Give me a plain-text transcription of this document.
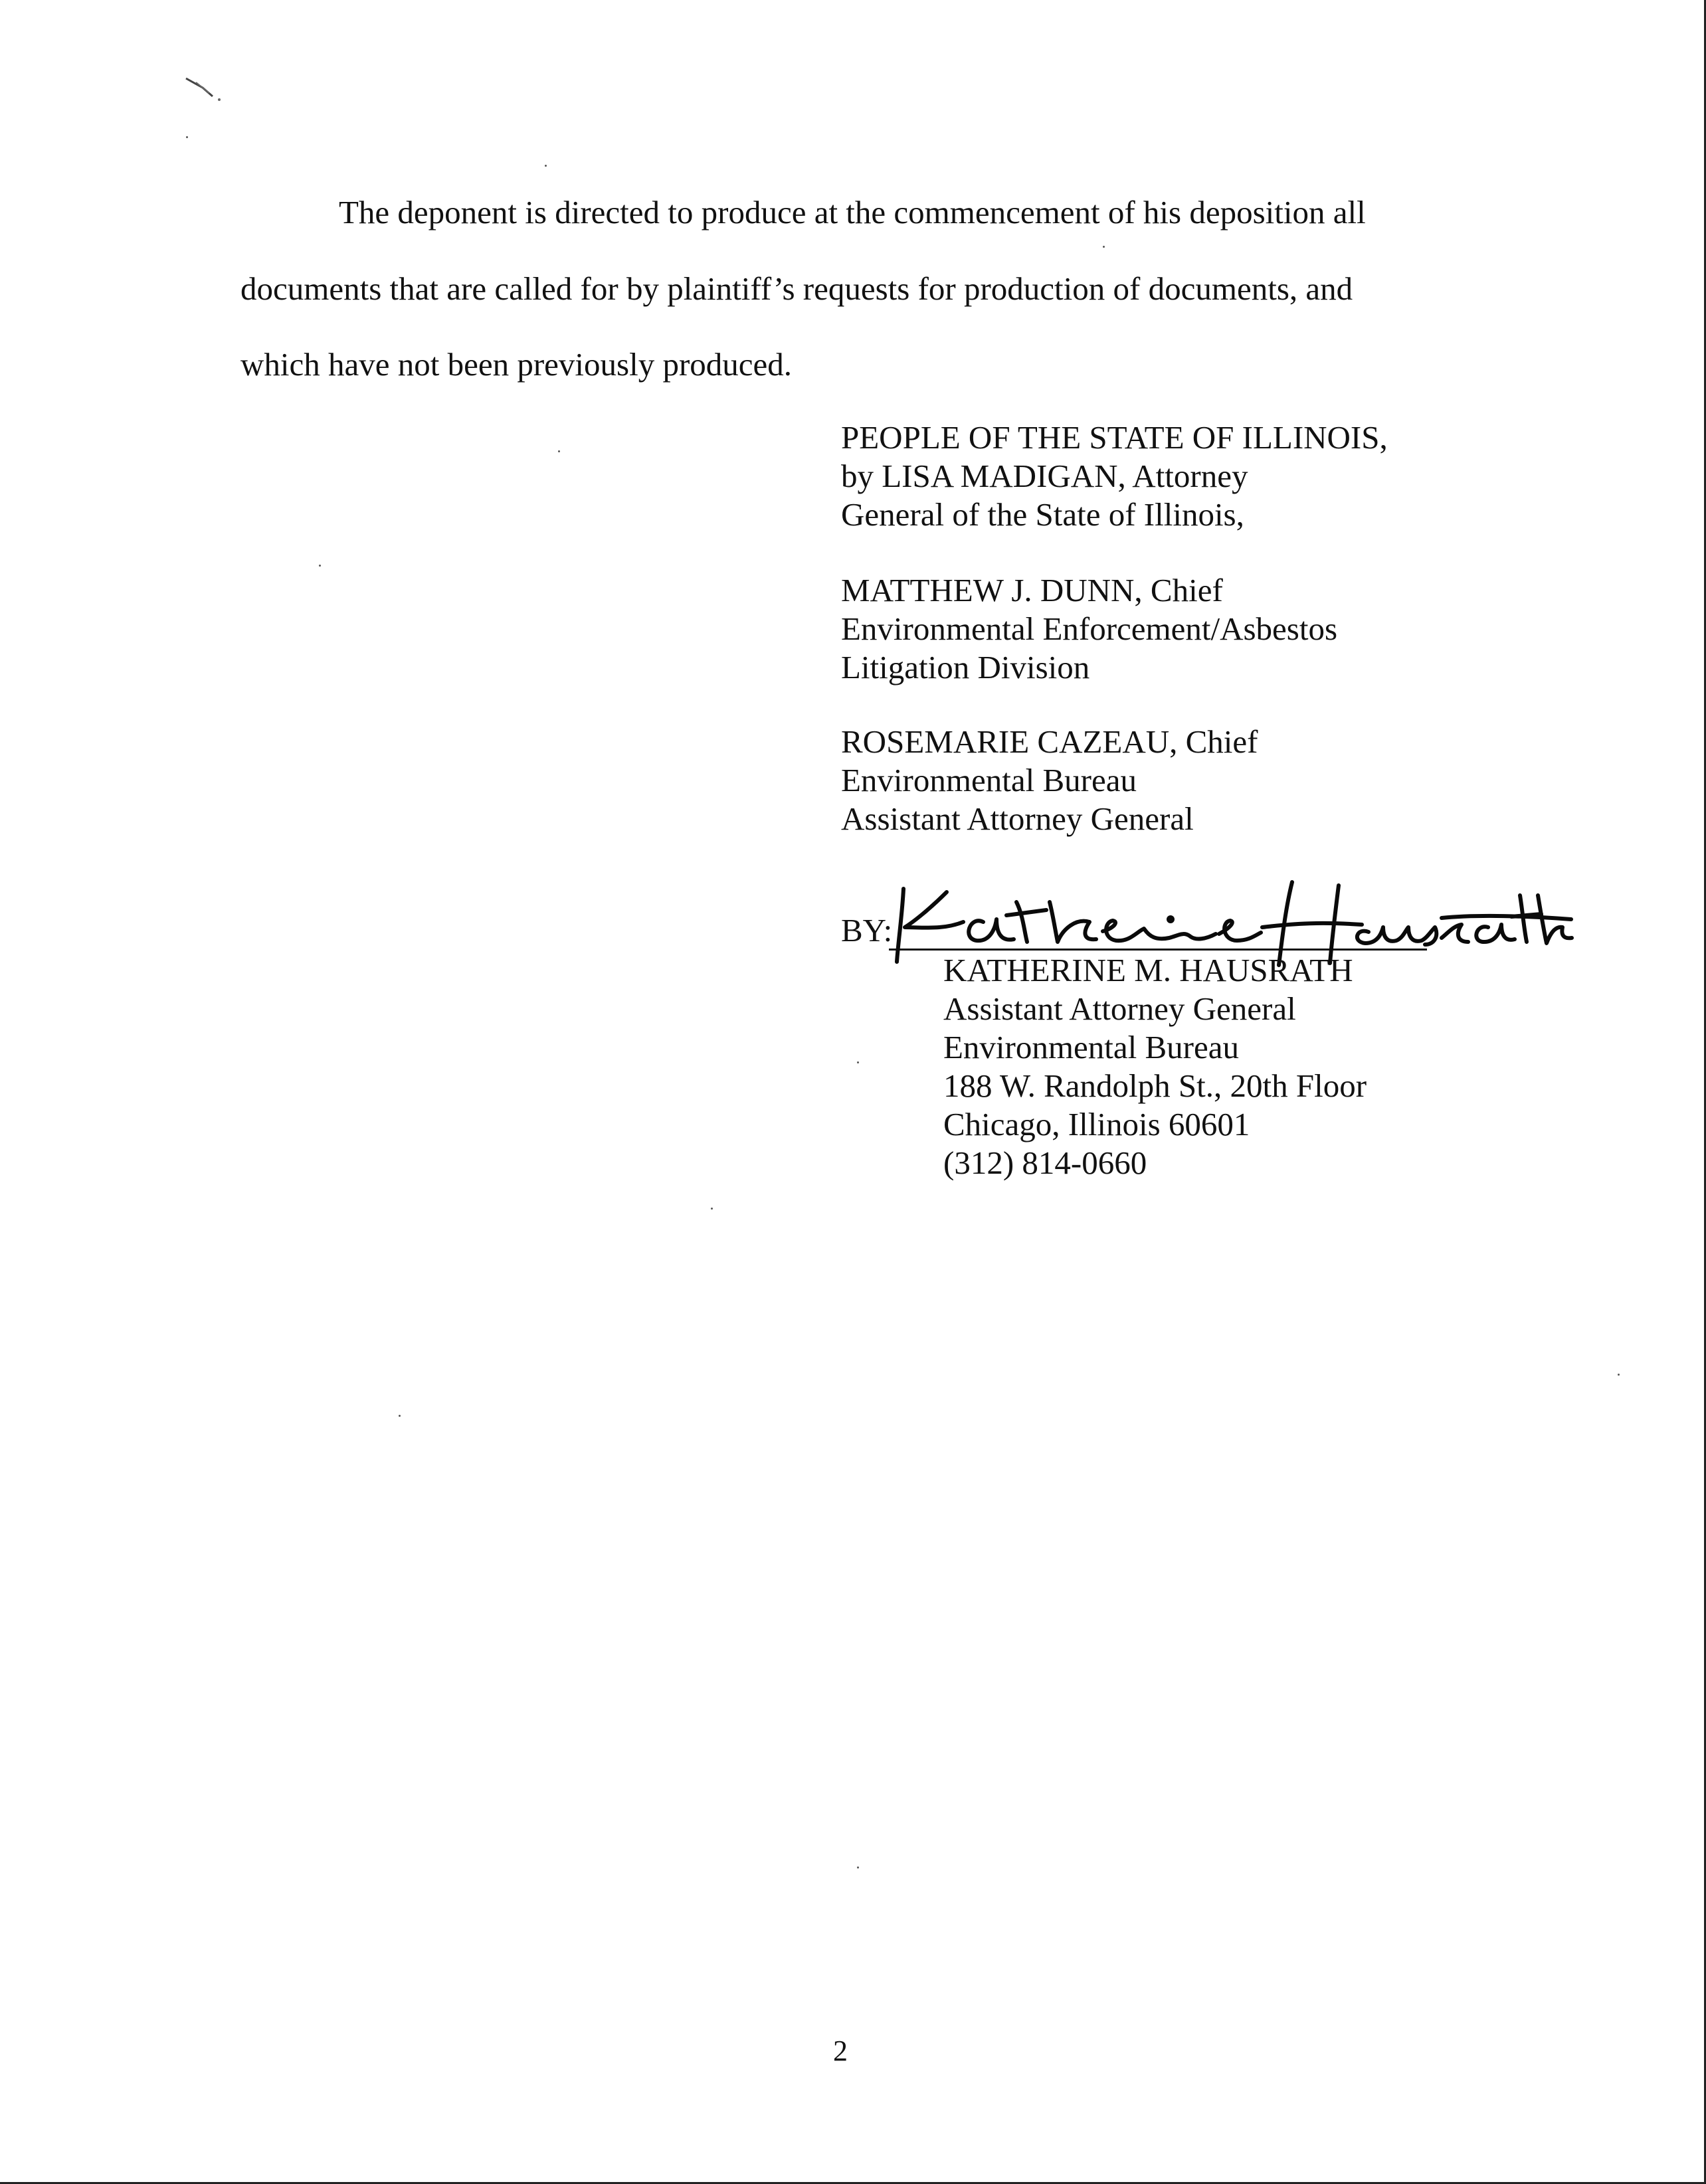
The deponent is directed to produce at the commencement of his deposition all
documents that are called for by plaintiff’s requests for production of documents, and
which have not been previously produced.
PEOPLE OF THE STATE OF ILLINOIS,
by LISA MADIGAN, Attorney
General of the State of Illinois,
MATTHEW J. DUNN, Chief
Environmental Enforcement/Asbestos
Litigation Division
ROSEMARIE CAZEAU, Chief
Environmental Bureau
Assistant Attorney General
BY:
KATHERINE M. HAUSRATH
Assistant Attorney General
Environmental Bureau
188 W. Randolph St., 20th Floor
Chicago, Illinois 60601
(312) 814-0660
2
